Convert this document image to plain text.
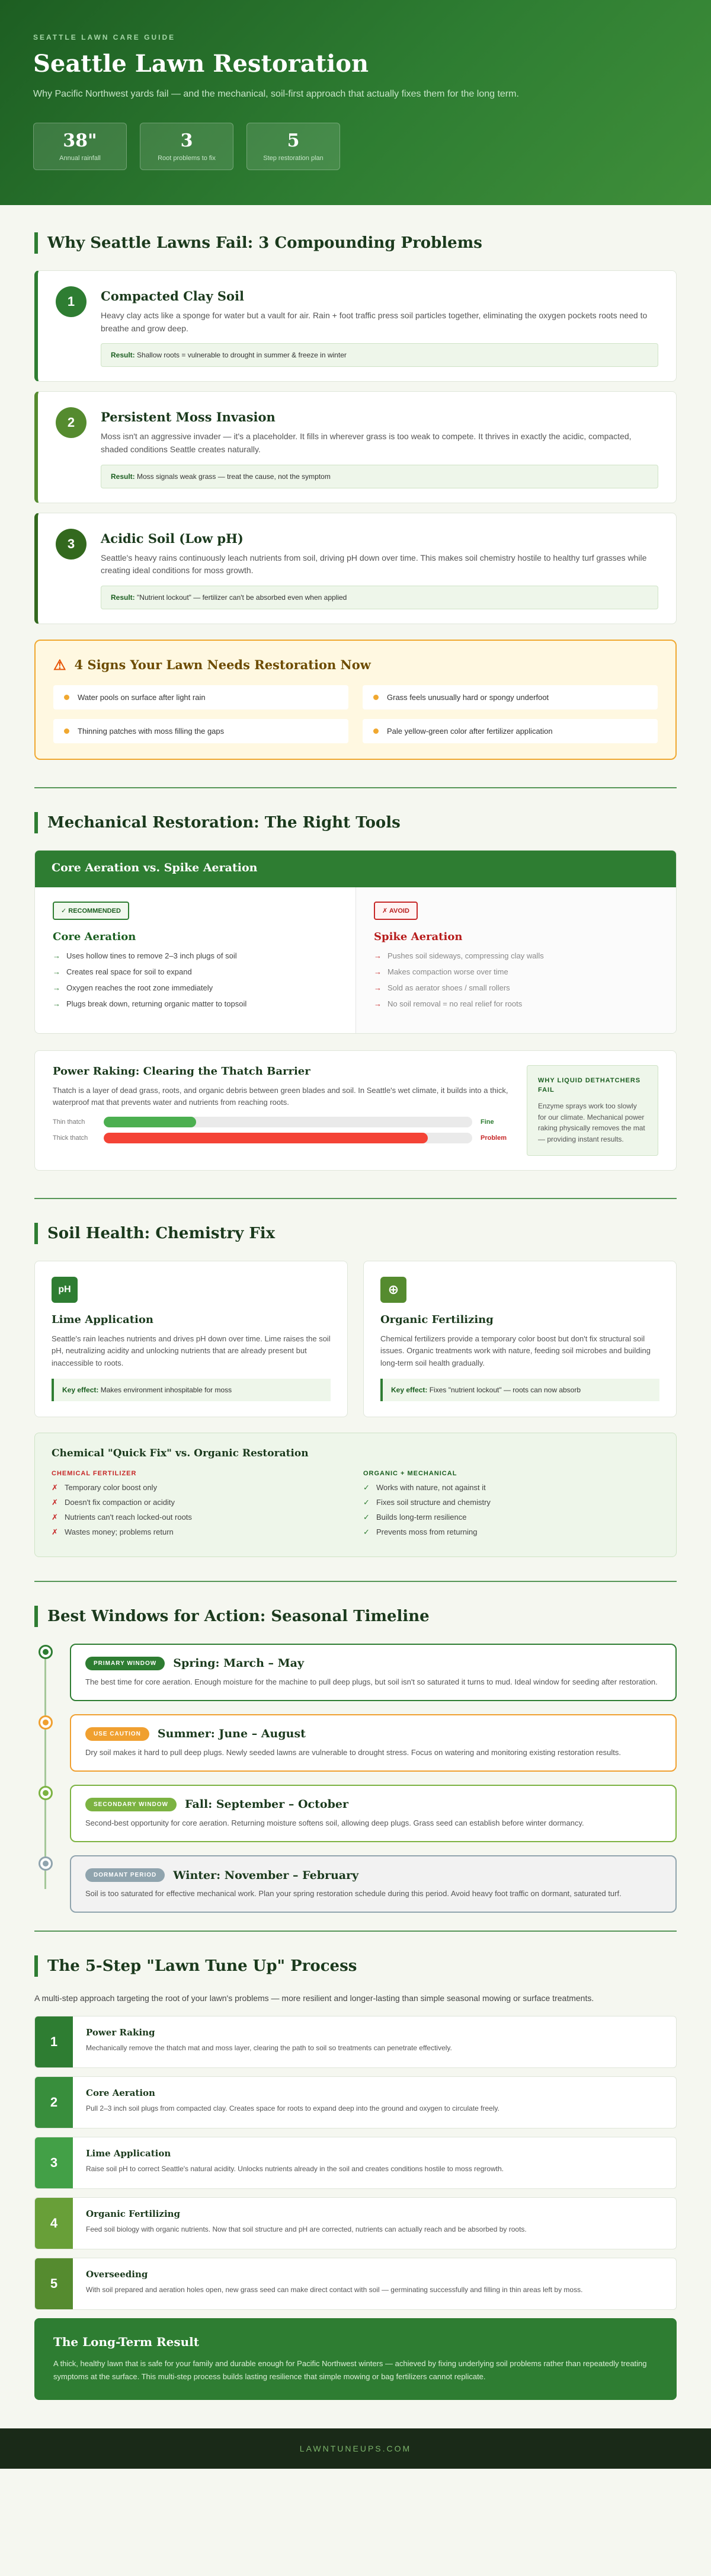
SEATTLE LAWN CARE GUIDE
Seattle Lawn Restoration

Why Pacific Northwest yards fail — and the mechanical, soil-first approach that actually fixes them for the long term.

38"
Annual rainfall
3
Root problems to fix
5
Step restoration plan
Why Seattle Lawns Fail: 3 Compounding Problems
1	Compacted Clay Soil

Heavy clay acts like a sponge for water but a vault for air. Rain + foot traffic press soil particles together, eliminating the oxygen pockets roots need to breathe and grow deep.

Result: Shallow roots = vulnerable to drought in summer & freeze in winter
2	Persistent Moss Invasion

Moss isn't an aggressive invader — it's a placeholder. It fills in wherever grass is too weak to compete. It thrives in exactly the acidic, compacted, shaded conditions Seattle creates naturally.

Result: Moss signals weak grass — treat the cause, not the symptom
3	Acidic Soil (Low pH)

Seattle's heavy rains continuously leach nutrients from soil, driving pH down over time. This makes soil chemistry hostile to healthy turf grasses while creating ideal conditions for moss growth.

Result: "Nutrient lockout" — fertilizer can't be absorbed even when applied
⚠ 4 Signs Your Lawn Needs Restoration Now
Water pools on surface after light rain	Grass feels unusually hard or spongy underfoot
Thinning patches with moss filling the gaps	Pale yellow-green color after fertilizer application
Mechanical Restoration: The Right Tools
Core Aeration vs. Spike Aeration
✓ RECOMMENDED
Core Aeration
→ Uses hollow tines to remove 2–3 inch plugs of soil
→ Creates real space for soil to expand
→ Oxygen reaches the root zone immediately
→ Plugs break down, returning organic matter to topsoil
✗ AVOID
Spike Aeration
→ Pushes soil sideways, compressing clay walls
→ Makes compaction worse over time
→ Sold as aerator shoes / small rollers
→ No soil removal = no real relief for roots
Power Raking: Clearing the Thatch Barrier

Thatch is a layer of dead grass, roots, and organic debris between green blades and soil. In Seattle's wet climate, it builds into a thick, waterproof mat that prevents water and nutrients from reaching roots.

Thin thatch	Fine
Thick thatch	Problem
WHY LIQUID DETHATCHERS FAIL
Enzyme sprays work too slowly for our climate. Mechanical power raking physically removes the mat — providing instant results.
Soil Health: Chemistry Fix
pH
Lime Application

Seattle's rain leaches nutrients and drives pH down over time. Lime raises the soil pH, neutralizing acidity and unlocking nutrients that are already present but inaccessible to roots.

Key effect: Makes environment inhospitable for moss
⊕
Organic Fertilizing

Chemical fertilizers provide a temporary color boost but don't fix structural soil issues. Organic treatments work with nature, feeding soil microbes and building long-term soil health gradually.

Key effect: Fixes "nutrient lockout" — roots can now absorb
Chemical "Quick Fix" vs. Organic Restoration
CHEMICAL FERTILIZER
✗ Temporary color boost only
✗ Doesn't fix compaction or acidity
✗ Nutrients can't reach locked-out roots
✗ Wastes money; problems return
ORGANIC + MECHANICAL
✓ Works with nature, not against it
✓ Fixes soil structure and chemistry
✓ Builds long-term resilience
✓ Prevents moss from returning
Best Windows for Action: Seasonal Timeline
PRIMARY WINDOW	Spring: March – May

The best time for core aeration. Enough moisture for the machine to pull deep plugs, but soil isn't so saturated it turns to mud. Ideal window for seeding after restoration.

USE CAUTION	Summer: June – August

Dry soil makes it hard to pull deep plugs. Newly seeded lawns are vulnerable to drought stress. Focus on watering and monitoring existing restoration results.

SECONDARY WINDOW	Fall: September – October

Second-best opportunity for core aeration. Returning moisture softens soil, allowing deep plugs. Grass seed can establish before winter dormancy.

DORMANT PERIOD	Winter: November – February

Soil is too saturated for effective mechanical work. Plan your spring restoration schedule during this period. Avoid heavy foot traffic on dormant, saturated turf.

The 5-Step "Lawn Tune Up" Process

A multi-step approach targeting the root of your lawn's problems — more resilient and longer-lasting than simple seasonal mowing or surface treatments.

1
Power Raking

Mechanically remove the thatch mat and moss layer, clearing the path to soil so treatments can penetrate effectively.

2
Core Aeration

Pull 2–3 inch soil plugs from compacted clay. Creates space for roots to expand deep into the ground and oxygen to circulate freely.

3
Lime Application

Raise soil pH to correct Seattle's natural acidity. Unlocks nutrients already in the soil and creates conditions hostile to moss regrowth.

4
Organic Fertilizing

Feed soil biology with organic nutrients. Now that soil structure and pH are corrected, nutrients can actually reach and be absorbed by roots.

5
Overseeding

With soil prepared and aeration holes open, new grass seed can make direct contact with soil — germinating successfully and filling in thin areas left by moss.

The Long-Term Result

A thick, healthy lawn that is safe for your family and durable enough for Pacific Northwest winters — achieved by fixing underlying soil problems rather than repeatedly treating symptoms at the surface. This multi-step process builds lasting resilience that simple mowing or bag fertilizers cannot replicate.

LAWNTUNEUPS.COM
